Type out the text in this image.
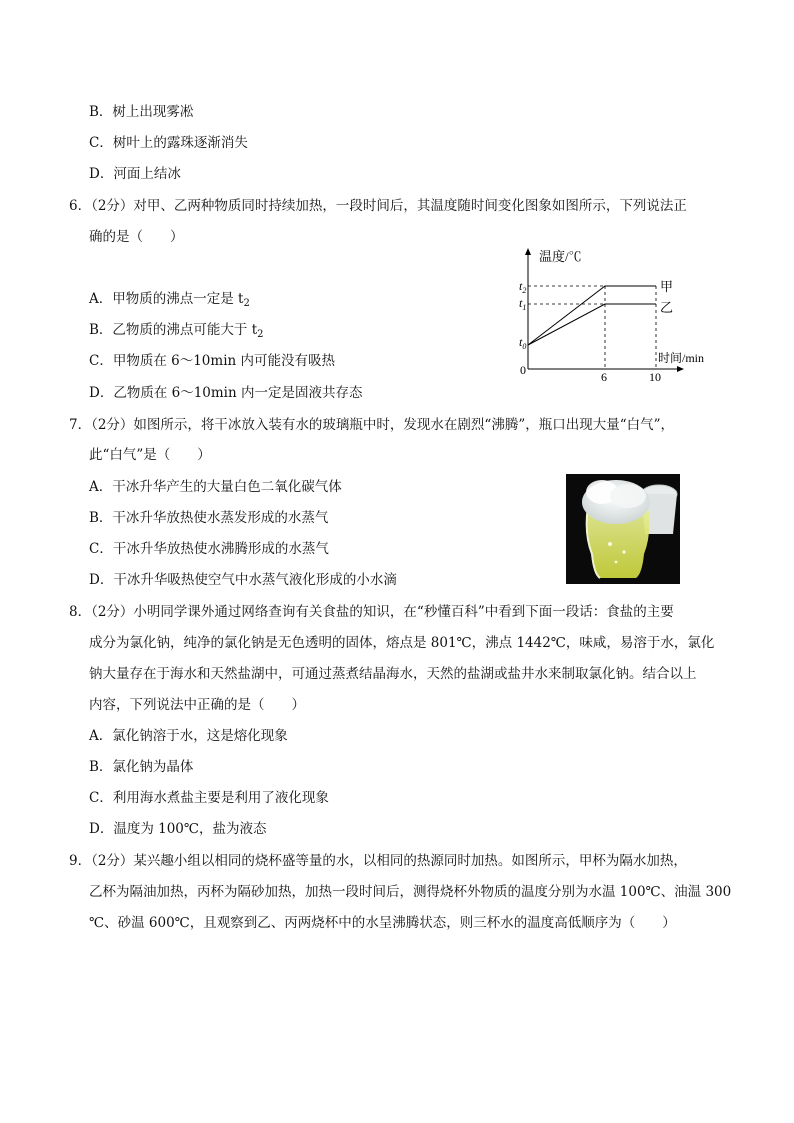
B．树上出现雾凇
C．树叶上的露珠逐渐消失
D．河面上结冰
6．（2分）对甲、乙两种物质同时持续加热，一段时间后，其温度随时间变化图象如图所示，下列说法正
确的是（　　）
A．甲物质的沸点一定是 $t_2$
B．乙物质的沸点可能大于 $t_2$
C．甲物质在 6～10min 内可能没有吸热
D．乙物质在 6～10min 内一定是固液共存态
温度/℃
时间/min
0
$t_2$
$t_1$
$t_0$
6	10
甲
乙
7．（2分）如图所示，将干冰放入装有水的玻璃瓶中时，发现水在剧烈“沸腾”，瓶口出现大量“白气”，
此“白气”是（　　）
A．干冰升华产生的大量白色二氧化碳气体
B．干冰升华放热使水蒸发形成的水蒸气
C．干冰升华放热使水沸腾形成的水蒸气
D．干冰升华吸热使空气中水蒸气液化形成的小水滴
8．（2分）小明同学课外通过网络查询有关食盐的知识，在“秒懂百科”中看到下面一段话：食盐的主要
成分为氯化钠，纯净的氯化钠是无色透明的固体，熔点是 801℃，沸点 1442℃，味咸，易溶于水，氯化
钠大量存在于海水和天然盐湖中，可通过蒸煮结晶海水，天然的盐湖或盐井水来制取氯化钠。结合以上
内容，下列说法中正确的是（　　）
A．氯化钠溶于水，这是熔化现象
B．氯化钠为晶体
C．利用海水煮盐主要是利用了液化现象
D．温度为 100℃，盐为液态
9．（2分）某兴趣小组以相同的烧杯盛等量的水，以相同的热源同时加热。如图所示，甲杯为隔水加热，
乙杯为隔油加热，丙杯为隔砂加热，加热一段时间后，测得烧杯外物质的温度分别为水温 100℃、油温 300
℃、砂温 600℃，且观察到乙、丙两烧杯中的水呈沸腾状态，则三杯水的温度高低顺序为（　　）
